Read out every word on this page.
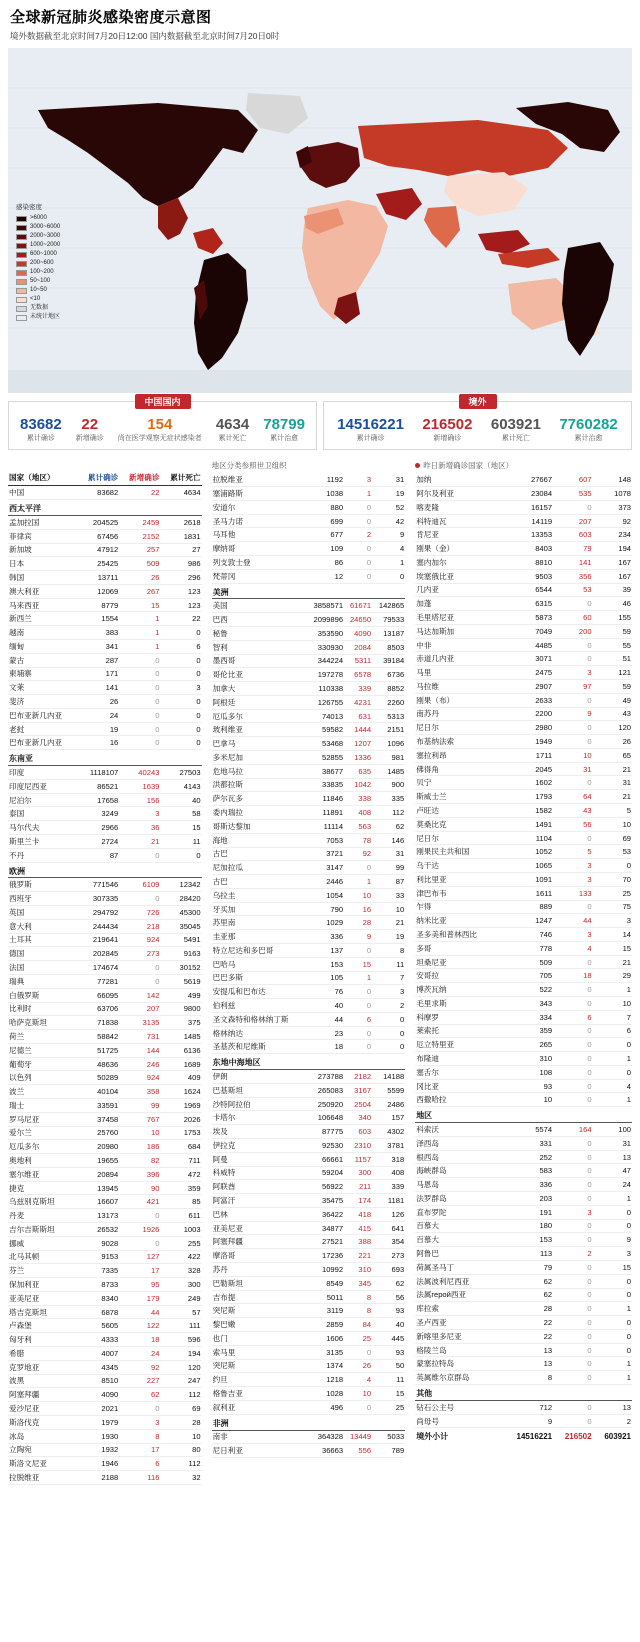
全球新冠肺炎感染密度示意图
境外数据截至北京时间7月20日12:00 国内数据截至北京时间7月20日0时
感染密度
>6000
3000~6000
2000~3000
1000~2000
600~1000
200~600
100~200
50~100
10~50
<10
无数据
未统计地区
中国国内
83682
累计确诊
22
新增确诊
154
尚在医学观察无症状感染者
4634
累计死亡
78799
累计治愈
境外
14516221
累计确诊
216502
新增确诊
603921
累计死亡
7760282
累计治愈

国家（地区）	累计确诊	新增确诊	累计死亡
中国	83682	22	4634
西太平洋			
孟加拉国	204525	2459	2618
菲律宾	67456	2152	1831
新加坡	47912	257	27
日本	25425	509	986
韩国	13711	26	296
澳大利亚	12069	267	123
马来西亚	8779	15	123
新西兰	1554	1	22
越南	383	1	0
缅甸	341	1	6
蒙古	287	0	0
柬埔寨	171	0	0
文莱	141	0	3
斐济	26	0	0
巴布亚新几内亚	24	0	0
老挝	19	0	0
巴布亚新几内亚	16	0	0
东南亚			
印度	1118107	40243	27503
印度尼西亚	86521	1639	4143
尼泊尔	17658	156	40
泰国	3249	3	58
马尔代夫	2966	36	15
斯里兰卡	2724	21	11
不丹	87	0	0
欧洲			
俄罗斯	771546	6109	12342
西班牙	307335	0	28420
英国	294792	726	45300
意大利	244434	218	35045
土耳其	219641	924	5491
德国	202845	273	9163
法国	174674	0	30152
瑞典	77281	0	5619
白俄罗斯	66095	142	499
比利时	63706	207	9800
哈萨克斯坦	71838	3135	375
荷兰	58842	731	1485
尼德兰	51725	144	6136
葡萄牙	48636	246	1689
以色列	50289	924	409
波兰	40104	358	1624
瑞士	33591	99	1969
罗马尼亚	37458	767	2026
爱尔兰	25760	10	1753
厄瓜多尔	20980	186	684
奥地利	19655	82	711
塞尔维亚	20894	396	472
捷克	13945	90	359
乌兹别克斯坦	16607	421	85
丹麦	13173	0	611
吉尔吉斯斯坦	26532	1926	1003
挪威	9028	0	255
北马其顿	9153	127	422
芬兰	7335	17	328
保加利亚	8733	95	300
亚美尼亚	8340	179	249
塔吉克斯坦	6878	44	57
卢森堡	5605	122	111
匈牙利	4333	18	596
希腊	4007	24	194
克罗地亚	4345	92	120
波黑	8510	227	247
阿塞拜疆	4090	62	112
爱沙尼亚	2021	0	69
斯洛伐克	1979	3	28
冰岛	1930	8	10
立陶宛	1932	17	80
斯洛文尼亚	1946	6	112
拉脱维亚	2188	116	32
地区分类参照世卫组织
拉脱维亚	1192	3	31
塞浦路斯	1038	1	19
安道尔	880	0	52
圣马力诺	699	0	42
马耳他	677	2	9
摩纳哥	109	0	4
列支敦士登	86	0	1
梵蒂冈	12	0	0
美洲			
美国	3858571	61671	142865
巴西	2099896	24650	79533
秘鲁	353590	4090	13187
智利	330930	2084	8503
墨西哥	344224	5311	39184
哥伦比亚	197278	6578	6736
加拿大	110338	339	8852
阿根廷	126755	4231	2260
厄瓜多尔	74013	631	5313
玻利维亚	59582	1444	2151
巴拿马	53468	1207	1096
多米尼加	52855	1336	981
危地马拉	38677	635	1485
洪都拉斯	33835	1042	900
萨尔瓦多	11846	338	335
委内瑞拉	11891	408	112
哥斯达黎加	11114	563	62
海地	7053	78	146
古巴	3721	92	31
尼加拉瓜	3147	0	99
古巴	2446	1	87
乌拉圭	1054	10	33
牙买加	790	16	10
苏里南	1029	28	21
圭亚那	336	9	19
特立尼达和多巴哥	137	0	8
巴哈马	153	15	11
巴巴多斯	105	1	7
安提瓜和巴布达	76	0	3
伯利兹	40	0	2
圣文森特和格林纳丁斯	44	6	0
格林纳达	23	0	0
圣基茨和尼维斯	18	0	0
东地中海地区			
伊朗	273788	2182	14188
巴基斯坦	265083	3167	5599
沙特阿拉伯	250920	2504	2486
卡塔尔	106648	340	157
埃及	87775	603	4302
伊拉克	92530	2310	3781
阿曼	66661	1157	318
科威特	59204	300	408
阿联酋	56922	211	339
阿富汗	35475	174	1181
巴林	36422	418	126
亚美尼亚	34877	415	641
阿塞拜疆	27521	388	354
摩洛哥	17236	221	273
苏丹	10992	310	693
巴勒斯坦	8549	345	62
吉布提	5011	8	56
突尼斯	3119	8	93
黎巴嫩	2859	84	40
也门	1606	25	445
索马里	3135	0	93
突尼斯	1374	26	50
约旦	1218	4	11
格鲁吉亚	1028	10	15
叙利亚	496	0	25
非洲			
南非	364328	13449	5033
尼日利亚	36663	556	789
昨日新增确诊国家（地区）
加纳	27667	607	148
阿尔及利亚	23084	535	1078
喀麦隆	16157	0	373
科特迪瓦	14119	207	92
肯尼亚	13353	603	234
刚果（金）	8403	79	194
塞内加尔	8810	141	167
埃塞俄比亚	9503	356	167
几内亚	6544	53	39
加蓬	6315	0	46
毛里塔尼亚	5873	60	155
马达加斯加	7049	200	59
中非	4485	0	55
赤道几内亚	3071	0	51
马里	2475	3	121
马拉维	2907	97	59
刚果（布）	2633	0	49
南苏丹	2200	9	43
尼日尔	2980	0	120
布基纳法索	1949	0	26
塞拉利昂	1711	10	65
佛得角	2045	31	21
贝宁	1602	0	31
斯威士兰	1793	64	21
卢旺达	1582	43	5
莫桑比克	1491	56	10
尼日尔	1104	0	69
刚果民主共和国	1052	5	53
乌干达	1065	3	0
利比里亚	1091	3	70
津巴布韦	1611	133	25
乍得	889	0	75
纳米比亚	1247	44	3
圣多美和普林西比	746	3	14
多哥	778	4	15
坦桑尼亚	509	0	21
安哥拉	705	18	29
博茨瓦纳	522	0	1
毛里求斯	343	0	10
科摩罗	334	6	7
莱索托	359	0	6
厄立特里亚	265	0	0
布隆迪	310	0	1
塞舌尔	108	0	0
冈比亚	93	0	4
西撒哈拉	10	0	1
地区			
科索沃	5574	164	100
泽西岛	331	0	31
根西岛	252	0	13
海峡群岛	583	0	47
马恩岛	336	0	24
法罗群岛	203	0	1
直布罗陀	191	3	0
百慕大	180	0	0
百慕大	153	0	9
阿鲁巴	113	2	3
荷属圣马丁	79	0	15
法属波利尼西亚	62	0	0
法属герой西亚	62	0	0
库拉索	28	0	1
圣卢西亚	22	0	0
新喀里多尼亚	22	0	0
格陵兰岛	13	0	0
蒙塞拉特岛	13	0	1
英属维尔京群岛	8	0	1
其他			
钻石公主号	712	0	13
尚母号	9	0	2
境外小计	14516221	216502	603921
